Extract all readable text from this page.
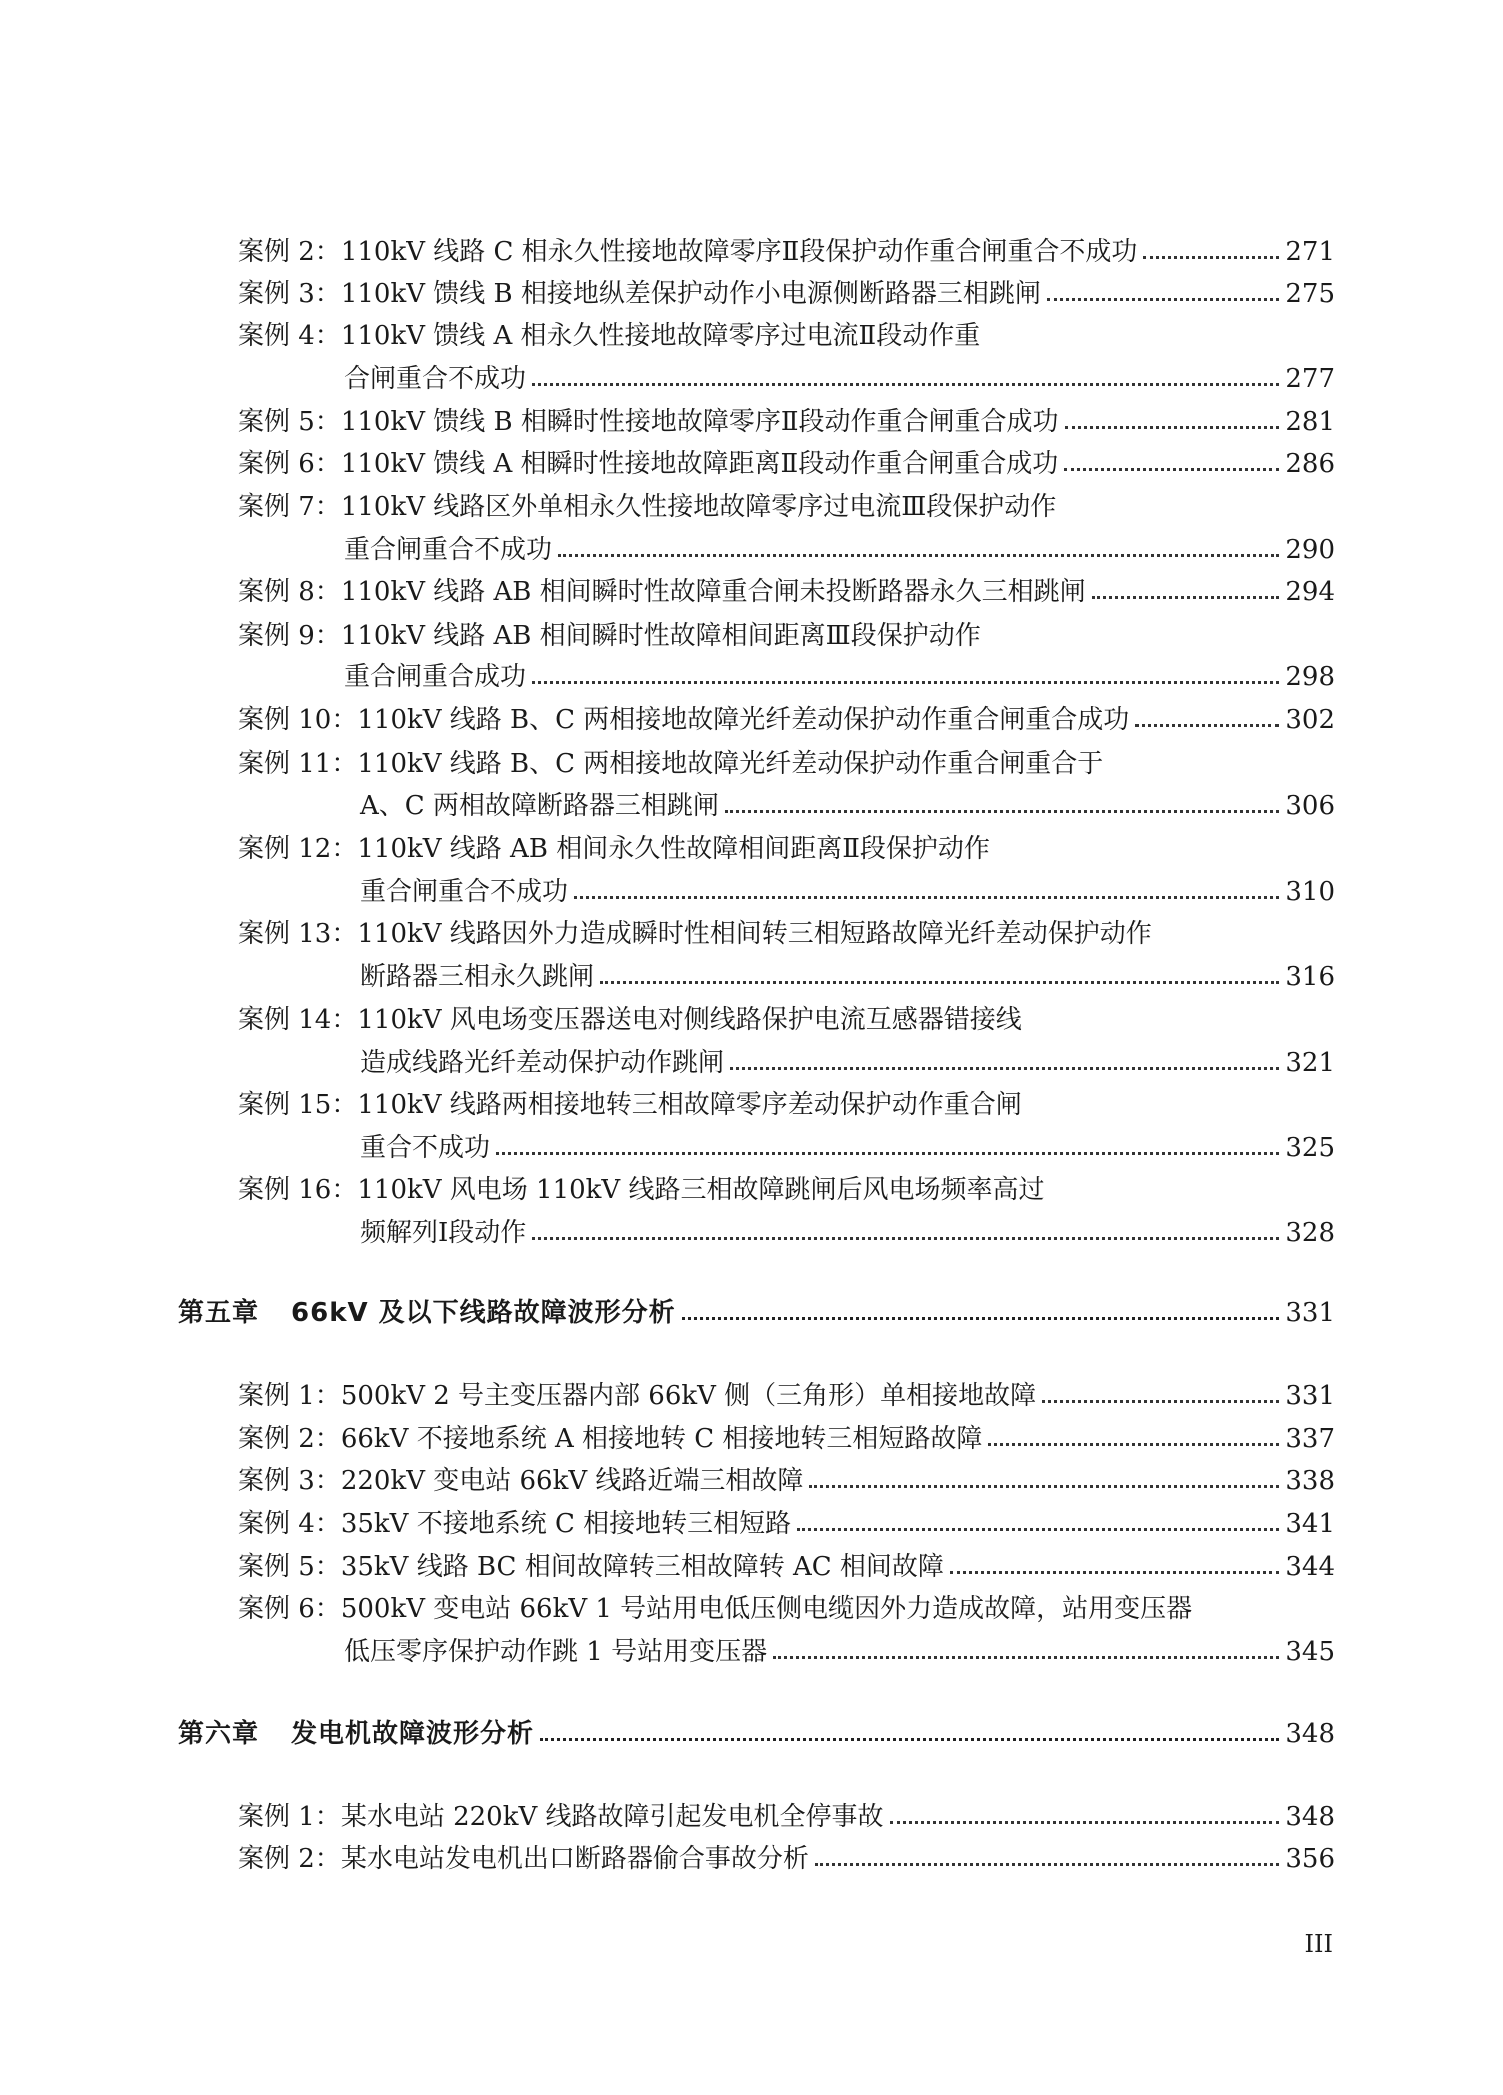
案例 2：110kV 线路 C 相永久性接地故障零序Ⅱ段保护动作重合闸重合不成功	271
案例 3：110kV 馈线 B 相接地纵差保护动作小电源侧断路器三相跳闸	275
案例 4：110kV 馈线 A 相永久性接地故障零序过电流Ⅱ段动作重
合闸重合不成功	277
案例 5：110kV 馈线 B 相瞬时性接地故障零序Ⅱ段动作重合闸重合成功	281
案例 6：110kV 馈线 A 相瞬时性接地故障距离Ⅱ段动作重合闸重合成功	286
案例 7：110kV 线路区外单相永久性接地故障零序过电流Ⅲ段保护动作
重合闸重合不成功	290
案例 8：110kV 线路 AB 相间瞬时性故障重合闸未投断路器永久三相跳闸	294
案例 9：110kV 线路 AB 相间瞬时性故障相间距离Ⅲ段保护动作
重合闸重合成功	298
案例 10：110kV 线路 B、C 两相接地故障光纤差动保护动作重合闸重合成功	302
案例 11：110kV 线路 B、C 两相接地故障光纤差动保护动作重合闸重合于
A、C 两相故障断路器三相跳闸	306
案例 12：110kV 线路 AB 相间永久性故障相间距离Ⅱ段保护动作
重合闸重合不成功	310
案例 13：110kV 线路因外力造成瞬时性相间转三相短路故障光纤差动保护动作
断路器三相永久跳闸	316
案例 14：110kV 风电场变压器送电对侧线路保护电流互感器错接线
造成线路光纤差动保护动作跳闸	321
案例 15：110kV 线路两相接地转三相故障零序差动保护动作重合闸
重合不成功	325
案例 16：110kV 风电场 110kV 线路三相故障跳闸后风电场频率高过
频解列Ⅰ段动作	328
第五章 66kV 及以下线路故障波形分析	331
案例 1：500kV 2 号主变压器内部 66kV 侧（三角形）单相接地故障	331
案例 2：66kV 不接地系统 A 相接地转 C 相接地转三相短路故障	337
案例 3：220kV 变电站 66kV 线路近端三相故障	338
案例 4：35kV 不接地系统 C 相接地转三相短路	341
案例 5：35kV 线路 BC 相间故障转三相故障转 AC 相间故障	344
案例 6：500kV 变电站 66kV 1 号站用电低压侧电缆因外力造成故障，站用变压器
低压零序保护动作跳 1 号站用变压器	345
第六章 发电机故障波形分析	348
案例 1：某水电站 220kV 线路故障引起发电机全停事故	348
案例 2：某水电站发电机出口断路器偷合事故分析	356
III
